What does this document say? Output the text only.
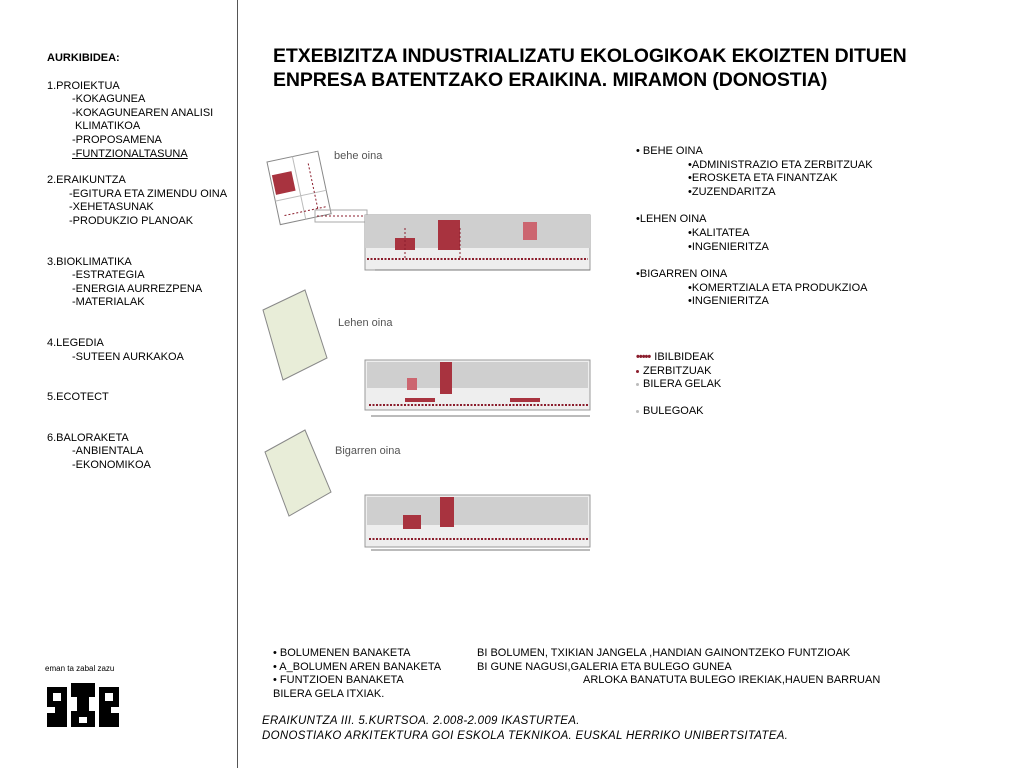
AURKIBIDEA:
1.PROIEKTUA
-KOKAGUNEA
-KOKAGUNEAREN ANALISI
KLIMATIKOA
-PROPOSAMENA
-FUNTZIONALTASUNA
2.ERAIKUNTZA
-EGITURA ETA ZIMENDU OINA
-XEHETASUNAK
-PRODUKZIO PLANOAK
3.BIOKLIMATIKA
-ESTRATEGIA
-ENERGIA AURREZPENA
-MATERIALAK
4.LEGEDIA
-SUTEEN AURKAKOA
5.ECOTECT
6.BALORAKETA
-ANBIENTALA
-EKONOMIKOA
eman ta zabal zazu
ETXEBIZITZA INDUSTRIALIZATU EKOLOGIKOAK EKOIZTEN DITUEN
ENPRESA BATENTZAKO ERAIKINA. MIRAMON (DONOSTIA)
behe oina
Lehen oina
Bigarren oina
• BEHE OINA
•ADMINISTRAZIO ETA ZERBITZUAK
•EROSKETA ETA FINANTZAK
•ZUZENDARITZA
•LEHEN OINA
•KALITATEA
•INGENIERITZA
•BIGARREN OINA
•KOMERTZIALA ETA PRODUKZIOA
•INGENIERITZA
••••• IBILBIDEAK
ZERBITZUAK
BILERA GELAK
BULEGOAK
• BOLUMENEN BANAKETA	BI BOLUMEN, TXIKIAN JANGELA ,HANDIAN GAINONTZEKO FUNTZIOAK
• A_BOLUMEN AREN BANAKETA	BI GUNE NAGUSI,GALERIA ETA BULEGO GUNEA
• FUNTZIOEN BANAKETA	ARLOKA BANATUTA BULEGO IREKIAK,HAUEN BARRUAN
BILERA GELA ITXIAK.
ERAIKUNTZA III. 5.KURTSOA. 2.008-2.009 IKASTURTEA.
DONOSTIAKO ARKITEKTURA GOI ESKOLA TEKNIKOA. EUSKAL HERRIKO UNIBERTSITATEA.
